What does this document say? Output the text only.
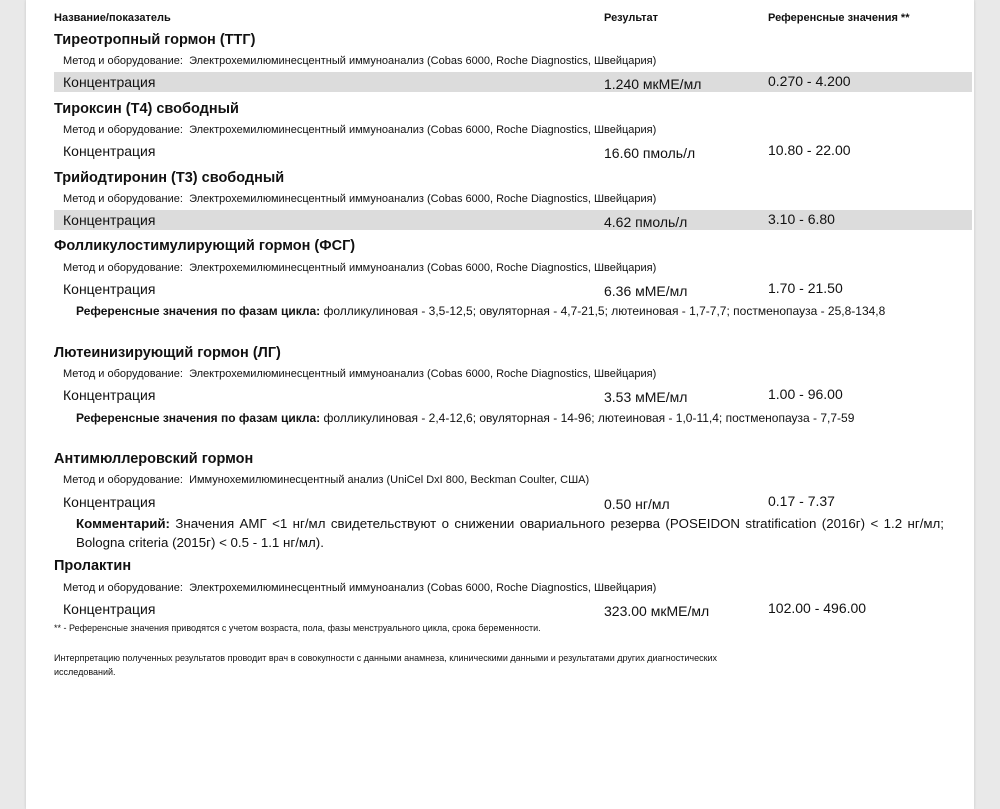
Название/показатель	Результат	Референсные значения **
Тиреотропный гормон (ТТГ)
Метод и оборудование: Электрохемилюминесцентный иммуноанализ (Cobas 6000, Roche Diagnostics, Швейцария)
Концентрация	1.240 мкМЕ/мл	0.270 - 4.200
Тироксин (Т4) свободный
Метод и оборудование: Электрохемилюминесцентный иммуноанализ (Cobas 6000, Roche Diagnostics, Швейцария)
Концентрация	16.60 пмоль/л	10.80 - 22.00
Трийодтиронин (Т3) свободный
Метод и оборудование: Электрохемилюминесцентный иммуноанализ (Cobas 6000, Roche Diagnostics, Швейцария)
Концентрация	4.62 пмоль/л	3.10 - 6.80
Фолликулостимулирующий гормон (ФСГ)
Метод и оборудование: Электрохемилюминесцентный иммуноанализ (Cobas 6000, Roche Diagnostics, Швейцария)
Концентрация	6.36 мМЕ/мл	1.70 - 21.50
Референсные значения по фазам цикла: фолликулиновая - 3,5-12,5; овуляторная - 4,7-21,5; лютеиновая - 1,7-7,7; постменопауза - 25,8-134,8
Лютеинизирующий гормон (ЛГ)
Метод и оборудование: Электрохемилюминесцентный иммуноанализ (Cobas 6000, Roche Diagnostics, Швейцария)
Концентрация	3.53 мМЕ/мл	1.00 - 96.00
Референсные значения по фазам цикла: фолликулиновая - 2,4-12,6; овуляторная - 14-96; лютеиновая - 1,0-11,4; постменопауза - 7,7-59
Антимюллеровский гормон
Метод и оборудование: Иммунохемилюминесцентный анализ (UniCel DxI 800, Beckman Coulter, США)
Концентрация	0.50 нг/мл	0.17 - 7.37
Комментарий: Значения АМГ <1 нг/мл свидетельствуют о снижении овариального резерва (POSEIDON stratification (2016г) < 1.2 нг/мл; Bologna criteria (2015г) < 0.5 - 1.1 нг/мл).
Пролактин
Метод и оборудование: Электрохемилюминесцентный иммуноанализ (Cobas 6000, Roche Diagnostics, Швейцария)
Концентрация	323.00 мкМЕ/мл	102.00 - 496.00
** - Референсные значения приводятся с учетом возраста, пола, фазы менструального цикла, срока беременности.
Интерпретацию полученных результатов проводит врач в совокупности с данными анамнеза, клиническими данными и результатами других диагностических исследований.
